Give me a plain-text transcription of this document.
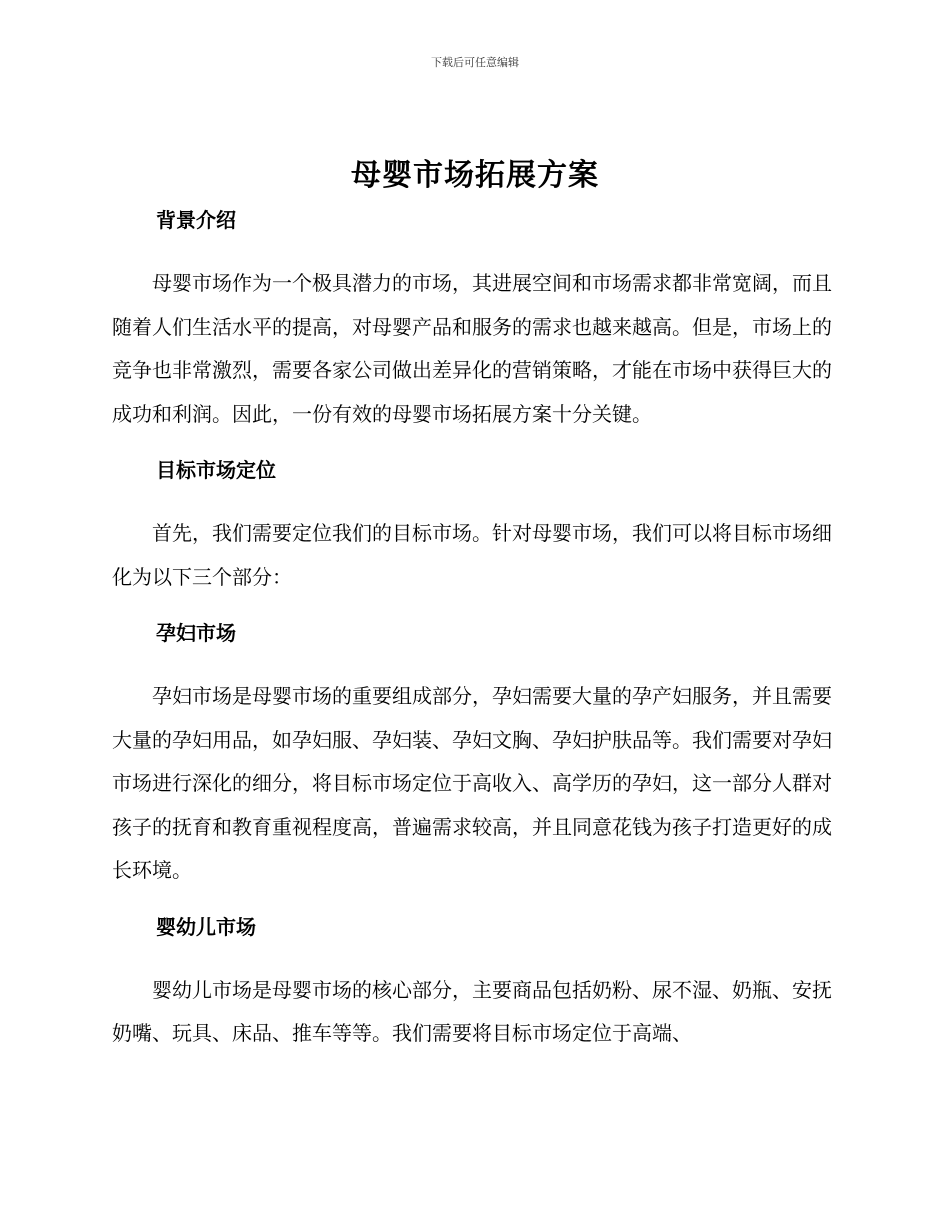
下载后可任意编辑
母婴市场拓展方案
背景介绍

母婴市场作为一个极具潜力的市场，其进展空间和市场需求都非常宽阔，而且随着人们生活水平的提高，对母婴产品和服务的需求也越来越高。但是，市场上的竞争也非常激烈，需要各家公司做出差异化的营销策略，才能在市场中获得巨大的成功和利润。因此，一份有效的母婴市场拓展方案十分关键。

目标市场定位

首先，我们需要定位我们的目标市场。针对母婴市场，我们可以将目标市场细化为以下三个部分：

孕妇市场

孕妇市场是母婴市场的重要组成部分，孕妇需要大量的孕产妇服务，并且需要大量的孕妇用品，如孕妇服、孕妇装、孕妇文胸、孕妇护肤品等。我们需要对孕妇市场进行深化的细分，将目标市场定位于高收入、高学历的孕妇，这一部分人群对孩子的抚育和教育重视程度高，普遍需求较高，并且同意花钱为孩子打造更好的成长环境。

婴幼儿市场

婴幼儿市场是母婴市场的核心部分，主要商品包括奶粉、尿不湿、奶瓶、安抚奶嘴、玩具、床品、推车等等。我们需要将目标市场定位于高端、
